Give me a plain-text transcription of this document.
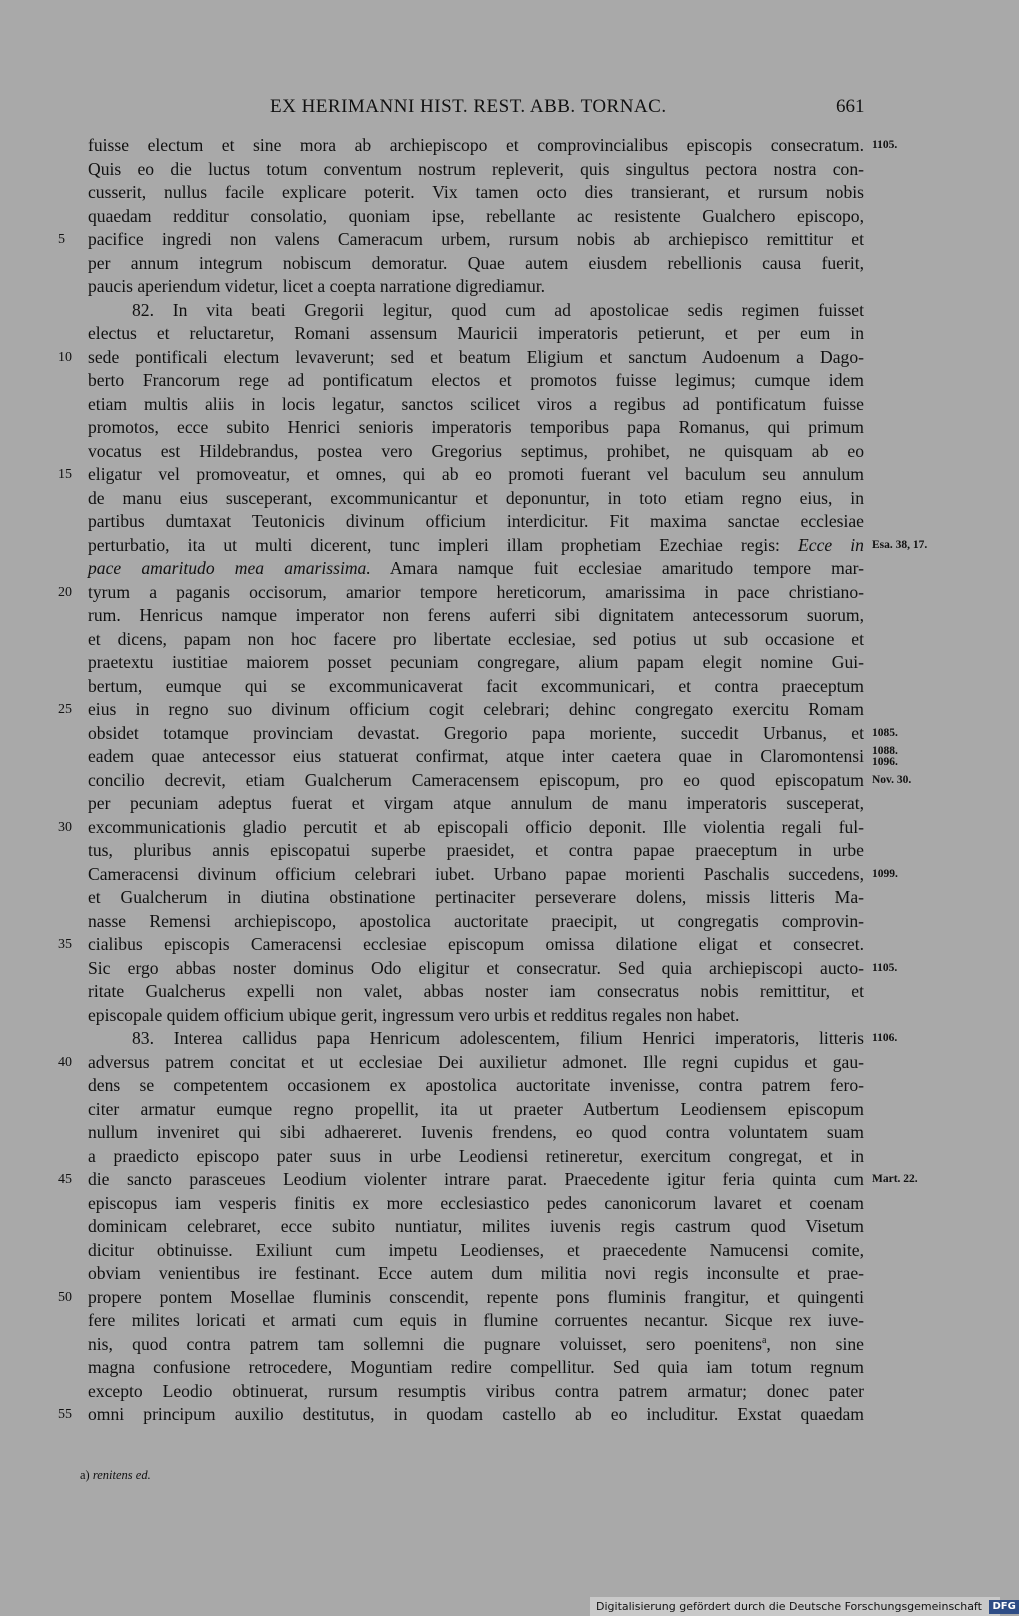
EX HERIMANNI HIST. REST. ABB. TORNAC.	661
fuisse electum et sine mora ab archiepiscopo et comprovincialibus episcopis consecratum. 1105.
Quis eo die luctus totum conventum nostrum repleverit, quis singultus pectora nostra con-
cusserit, nullus facile explicare poterit. Vix tamen octo dies transierant, et rursum nobis
quaedam redditur consolatio, quoniam ipse, rebellante ac resistente Gualchero episcopo,
5	pacifice ingredi non valens Cameracum urbem, rursum nobis ab archiepisco remittitur et
per annum integrum nobiscum demoratur. Quae autem eiusdem rebellionis causa fuerit,
paucis aperiendum videtur, licet a coepta narratione digrediamur.
82. In vita beati Gregorii legitur, quod cum ad apostolicae sedis regimen fuisset
electus et reluctaretur, Romani assensum Mauricii imperatoris petierunt, et per eum in
10 sede pontificali electum levaverunt; sed et beatum Eligium et sanctum Audoenum a Dago-
berto Francorum rege ad pontificatum electos et promotos fuisse legimus; cumque idem
etiam multis aliis in locis legatur, sanctos scilicet viros a regibus ad pontificatum fuisse
promotos, ecce subito Henrici senioris imperatoris temporibus papa Romanus, qui primum
vocatus est Hildebrandus, postea vero Gregorius septimus, prohibet, ne quisquam ab eo
15 eligatur vel promoveatur, et omnes, qui ab eo promoti fuerant vel baculum seu annulum
de manu eius susceperant, excommunicantur et deponuntur, in toto etiam regno eius, in
partibus dumtaxat Teutonicis divinum officium interdicitur. Fit maxima sanctae ecclesiae
perturbatio, ita ut multi dicerent, tunc impleri illam prophetiam Ezechiae regis: Ecce in Esa. 38, 17.
pace amaritudo mea amarissima. Amara namque fuit ecclesiae amaritudo tempore mar-
20 tyrum a paganis occisorum, amarior tempore hereticorum, amarissima in pace christiano-
rum. Henricus namque imperator non ferens auferri sibi dignitatem antecessorum suorum,
et dicens, papam non hoc facere pro libertate ecclesiae, sed potius ut sub occasione et
praetextu iustitiae maiorem posset pecuniam congregare, alium papam elegit nomine Gui-
bertum, eumque qui se excommunicaverat facit excommunicari, et contra praeceptum
25 eius in regno suo divinum officium cogit celebrari; dehinc congregato exercitu Romam
obsidet totamque provinciam devastat. Gregorio papa moriente, succedit Urbanus, et 1085.
eadem quae antecessor eius statuerat confirmat, atque inter caetera quae in Claromontensi 1088.
1096.
concilio decrevit, etiam Gualcherum Cameracensem episcopum, pro eo quod episcopatum Nov. 30.
per pecuniam adeptus fuerat et virgam atque annulum de manu imperatoris susceperat,
30 excommunicationis gladio percutit et ab episcopali officio deponit. Ille violentia regali ful-
tus, pluribus annis episcopatui superbe praesidet, et contra papae praeceptum in urbe
Cameracensi divinum officium celebrari iubet. Urbano papae morienti Paschalis succedens, 1099.
et Gualcherum in diutina obstinatione pertinaciter perseverare dolens, missis litteris Ma-
nasse Remensi archiepiscopo, apostolica auctoritate praecipit, ut congregatis comprovin-
35 cialibus episcopis Cameracensi ecclesiae episcopum omissa dilatione eligat et consecret.
Sic ergo abbas noster dominus Odo eligitur et consecratur. Sed quia archiepiscopi aucto- 1105.
ritate Gualcherus expelli non valet, abbas noster iam consecratus nobis remittitur, et
episcopale quidem officium ubique gerit, ingressum vero urbis et redditus regales non habet.
83. Interea callidus papa Henricum adolescentem, filium Henrici imperatoris, litteris 1106.
40 adversus patrem concitat et ut ecclesiae Dei auxilietur admonet. Ille regni cupidus et gau-
dens se competentem occasionem ex apostolica auctoritate invenisse, contra patrem fero-
citer armatur eumque regno propellit, ita ut praeter Autbertum Leodiensem episcopum
nullum inveniret qui sibi adhaereret. Iuvenis frendens, eo quod contra voluntatem suam
a praedicto episcopo pater suus in urbe Leodiensi retineretur, exercitum congregat, et in
45 die sancto parasceues Leodium violenter intrare parat. Praecedente igitur feria quinta cum Mart. 22.
episcopus iam vesperis finitis ex more ecclesiastico pedes canonicorum lavaret et coenam
dominicam celebraret, ecce subito nuntiatur, milites iuvenis regis castrum quod Visetum
dicitur obtinuisse. Exiliunt cum impetu Leodienses, et praecedente Namucensi comite,
obviam venientibus ire festinant. Ecce autem dum militia novi regis inconsulte et prae-
50 propere pontem Mosellae fluminis conscendit, repente pons fluminis frangitur, et quingenti
fere milites loricati et armati cum equis in flumine corruentes necantur. Sicque rex iuve-
nis, quod contra patrem tam sollemni die pugnare voluisset, sero poenitens$^a$, non sine
magna confusione retrocedere, Moguntiam redire compellitur. Sed quia iam totum regnum
excepto Leodio obtinuerat, rursum resumptis viribus contra patrem armatur; donec pater
55 omni principum auxilio destitutus, in quodam castello ab eo includitur. Exstat quaedam
a) renitens ed.
Digitalisierung gefördert durch die Deutsche Forschungsgemeinschaft DFG
